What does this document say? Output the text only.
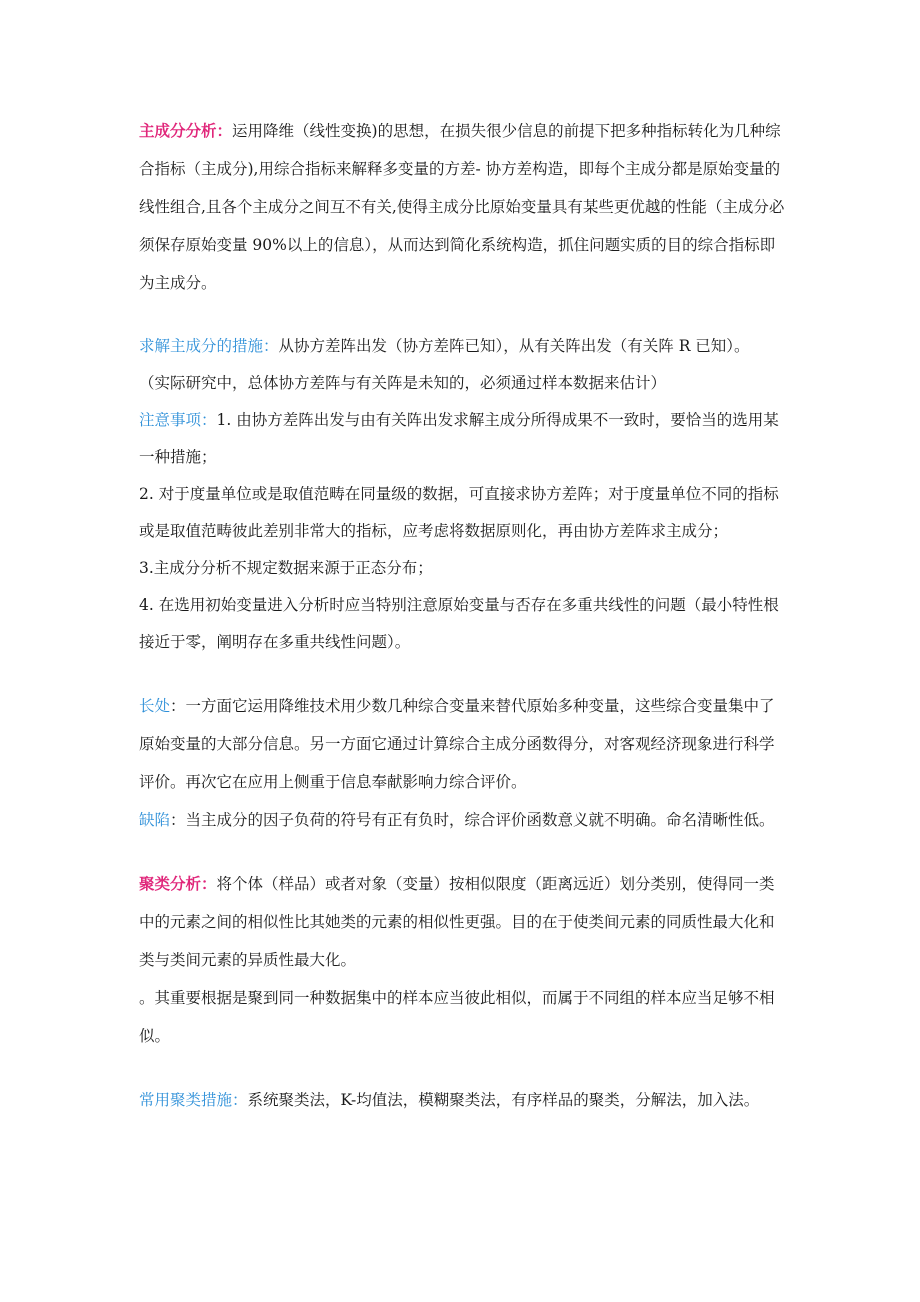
主成分分析：运用降维（线性变换)的思想，在损失很少信息的前提下把多种指标转化为几种综合指标（主成分),用综合指标来解释多变量的方差- 协方差构造，即每个主成分都是原始变量的线性组合,且各个主成分之间互不有关,使得主成分比原始变量具有某些更优越的性能（主成分必须保存原始变量 90%以上的信息），从而达到简化系统构造，抓住问题实质的目的综合指标即为主成分。

求解主成分的措施：从协方差阵出发（协方差阵已知），从有关阵出发（有关阵 R 已知）。

（实际研究中，总体协方差阵与有关阵是未知的，必须通过样本数据来估计）

注意事项：1. 由协方差阵出发与由有关阵出发求解主成分所得成果不一致时，要恰当的选用某一种措施；

2. 对于度量单位或是取值范畴在同量级的数据，可直接求协方差阵；对于度量单位不同的指标或是取值范畴彼此差别非常大的指标，应考虑将数据原则化，再由协方差阵求主成分；

3.主成分分析不规定数据来源于正态分布；

4. 在选用初始变量进入分析时应当特别注意原始变量与否存在多重共线性的问题（最小特性根接近于零，阐明存在多重共线性问题）。

长处：一方面它运用降维技术用少数几种综合变量来替代原始多种变量，这些综合变量集中了原始变量的大部分信息。另一方面它通过计算综合主成分函数得分，对客观经济现象进行科学评价。再次它在应用上侧重于信息奉献影响力综合评价。

缺陷：当主成分的因子负荷的符号有正有负时，综合评价函数意义就不明确。命名清晰性低。

聚类分析：将个体（样品）或者对象（变量）按相似限度（距离远近）划分类别，使得同一类中的元素之间的相似性比其她类的元素的相似性更强。目的在于使类间元素的同质性最大化和类与类间元素的异质性最大化。

。其重要根据是聚到同一种数据集中的样本应当彼此相似，而属于不同组的样本应当足够不相似。

常用聚类措施：系统聚类法，K-均值法，模糊聚类法，有序样品的聚类，分解法，加入法。
